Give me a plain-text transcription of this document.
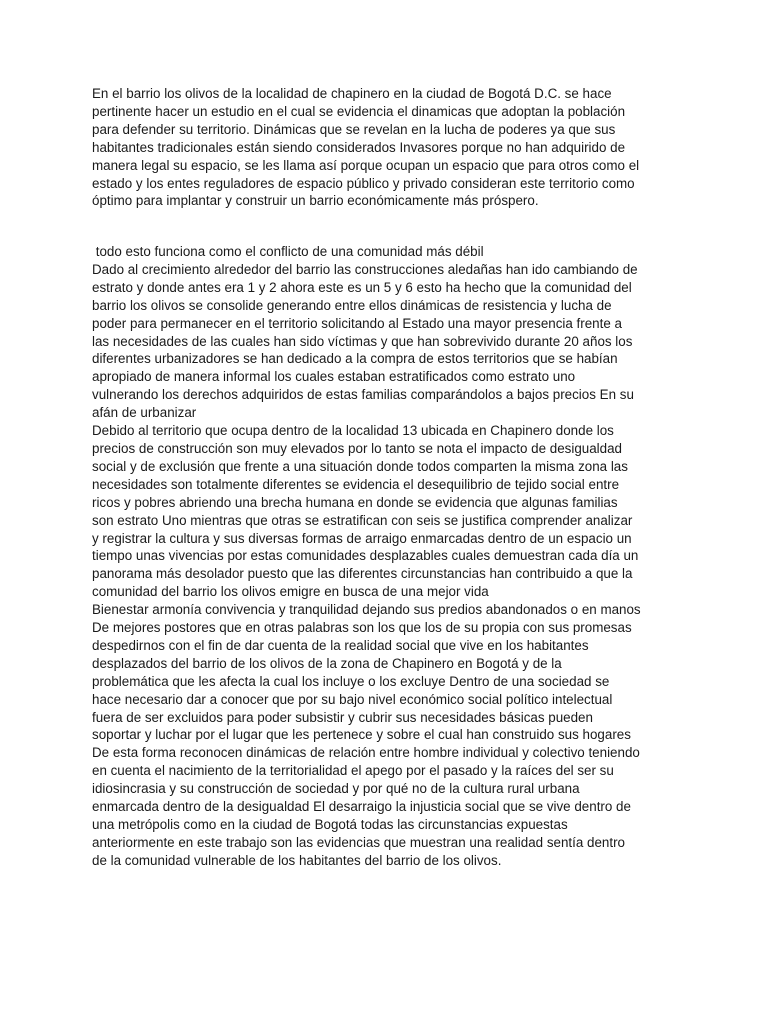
En el barrio los olivos de la localidad de chapinero en la ciudad de Bogotá D.C. se hace
pertinente hacer un estudio en el cual se evidencia el dinamicas que adoptan la población
para defender su territorio. Dinámicas que se revelan en la lucha de poderes ya que sus
habitantes tradicionales están siendo considerados Invasores porque no han adquirido de
manera legal su espacio, se les llama así porque ocupan un espacio que para otros como el
estado y los entes reguladores de espacio público y privado consideran este territorio como
óptimo para implantar y construir un barrio económicamente más próspero.
todo esto funciona como el conflicto de una comunidad más débil
Dado al crecimiento alrededor del barrio las construcciones aledañas han ido cambiando de
estrato y donde antes era 1 y 2 ahora este es un 5 y 6 esto ha hecho que la comunidad del
barrio los olivos se consolide generando entre ellos dinámicas de resistencia y lucha de
poder para permanecer en el territorio solicitando al Estado una mayor presencia frente a
las necesidades de las cuales han sido víctimas y que han sobrevivido durante 20 años los
diferentes urbanizadores se han dedicado a la compra de estos territorios que se habían
apropiado de manera informal los cuales estaban estratificados como estrato uno
vulnerando los derechos adquiridos de estas familias comparándolos a bajos precios En su
afán de urbanizar
Debido al territorio que ocupa dentro de la localidad 13 ubicada en Chapinero donde los
precios de construcción son muy elevados por lo tanto se nota el impacto de desigualdad
social y de exclusión que frente a una situación donde todos comparten la misma zona las
necesidades son totalmente diferentes se evidencia el desequilibrio de tejido social entre
ricos y pobres abriendo una brecha humana en donde se evidencia que algunas familias
son estrato Uno mientras que otras se estratifican con seis se justifica comprender analizar
y registrar la cultura y sus diversas formas de arraigo enmarcadas dentro de un espacio un
tiempo unas vivencias por estas comunidades desplazables cuales demuestran cada día un
panorama más desolador puesto que las diferentes circunstancias han contribuido a que la
comunidad del barrio los olivos emigre en busca de una mejor vida
Bienestar armonía convivencia y tranquilidad dejando sus predios abandonados o en manos
De mejores postores que en otras palabras son los que los de su propia con sus promesas
despedirnos con el fin de dar cuenta de la realidad social que vive en los habitantes
desplazados del barrio de los olivos de la zona de Chapinero en Bogotá y de la
problemática que les afecta la cual los incluye o los excluye Dentro de una sociedad se
hace necesario dar a conocer que por su bajo nivel económico social político intelectual
fuera de ser excluidos para poder subsistir y cubrir sus necesidades básicas pueden
soportar y luchar por el lugar que les pertenece y sobre el cual han construido sus hogares
De esta forma reconocen dinámicas de relación entre hombre individual y colectivo teniendo
en cuenta el nacimiento de la territorialidad el apego por el pasado y la raíces del ser su
idiosincrasia y su construcción de sociedad y por qué no de la cultura rural urbana
enmarcada dentro de la desigualdad El desarraigo la injusticia social que se vive dentro de
una metrópolis como en la ciudad de Bogotá todas las circunstancias expuestas
anteriormente en este trabajo son las evidencias que muestran una realidad sentía dentro
de la comunidad vulnerable de los habitantes del barrio de los olivos.
